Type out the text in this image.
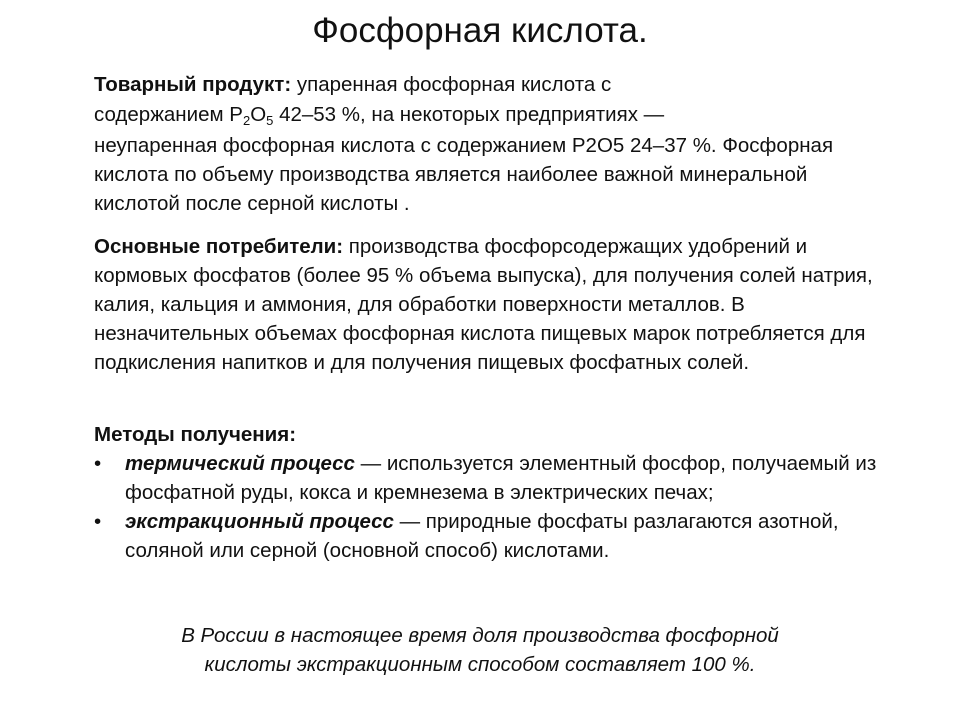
Фосфорная кислота.
Товарный продукт: упаренная фосфорная кислота с

содержанием $P_2O_5$ 42–53 %, на некоторых предприятиях —
неупаренная фосфорная кислота с содержанием P2O5 24–37 %. Фосфорная кислота по объему производства является наиболее важной минеральной кислотой после серной кислоты .
Основные потребители: производства фосфорсодержащих удобрений и кормовых фосфатов (более 95 % объема выпуска), для получения солей натрия, калия, кальция и аммония, для обработки поверхности металлов. В незначительных объемах фосфорная кислота пищевых марок потребляется для подкисления напитков и для получения пищевых фосфатных солей.
Методы получения:
• термический процесс — используется элементный фосфор, получаемый из фосфатной руды, кокса и кремнезема в электрических печах;
• экстракционный процесс — природные фосфаты разлагаются азотной, соляной или серной (основной способ) кислотами.
В России в настоящее время доля производства фосфорной
кислоты экстракционным способом составляет 100 %.
